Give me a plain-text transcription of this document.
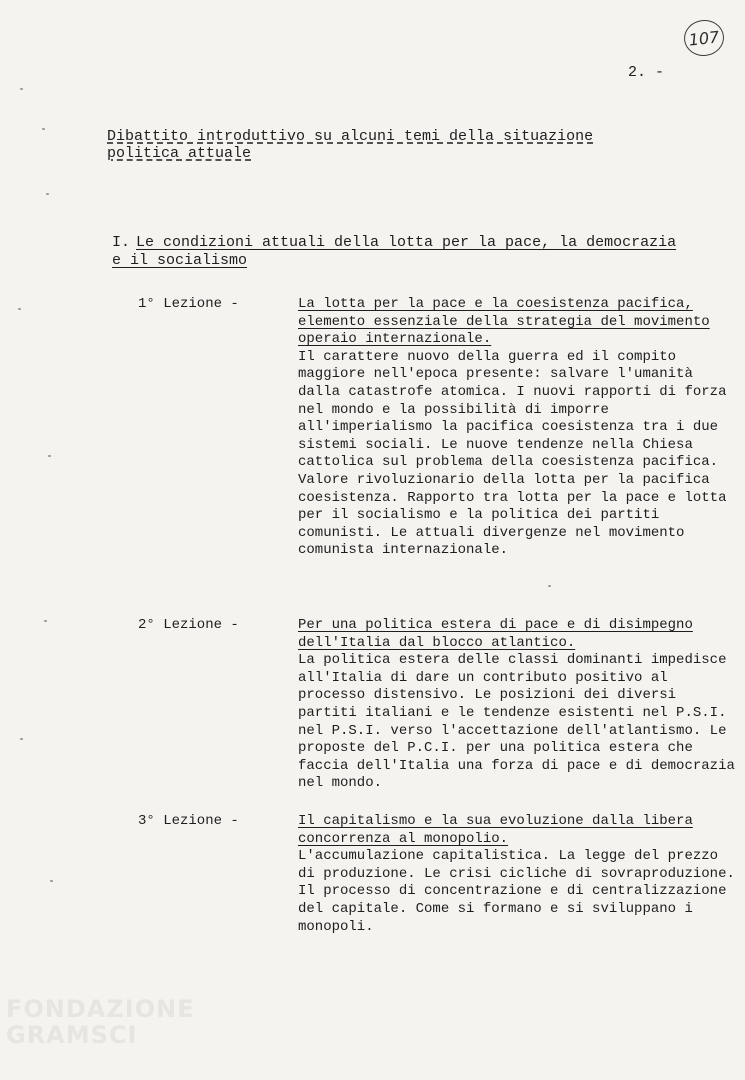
107
2. -
Dibattito introduttivo su alcuni temi della situazione politica attuale
I. Le condizioni attuali della lotta per la pace, la democrazia e il socialismo
1° Lezione -	La lotta per la pace e la coesistenza pacifica, elemento essenziale della strategia del movimento operaio internazionale.
Il carattere nuovo della guerra ed il compito maggiore nell'epoca presente: salvare l'umanità dalla catastrofe atomica. I nuovi rapporti di forza nel mondo e la possibilità di imporre all'imperialismo la pacifica coesistenza tra i due sistemi sociali. Le nuove tendenze nella Chiesa cattolica sul problema della coesistenza pacifica. Valore rivoluzionario della lotta per la pacifica coesistenza. Rapporto tra lotta per la pace e lotta per il socialismo e la politica dei partiti comunisti. Le attuali divergenze nel movimento comunista internazionale.
2° Lezione -	Per una politica estera di pace e di disimpegno dell'Italia dal blocco atlantico.
La politica estera delle classi dominanti impedisce all'Italia di dare un contributo positivo al processo distensivo. Le posizioni dei diversi partiti italiani e le tendenze esistenti nel P.S.I. nel P.S.I. verso l'accettazione dell'atlantismo. Le proposte del P.C.I. per una politica estera che faccia dell'Italia una forza di pace e di democrazia nel mondo.
3° Lezione -	Il capitalismo e la sua evoluzione dalla libera concorrenza al monopolio.
L'accumulazione capitalistica. La legge del prezzo di produzione. Le crisi cicliche di sovraproduzione. Il processo di concentrazione e di centralizzazione del capitale. Come si formano e si sviluppano i monopoli.
FONDAZIONE
GRAMSCI
